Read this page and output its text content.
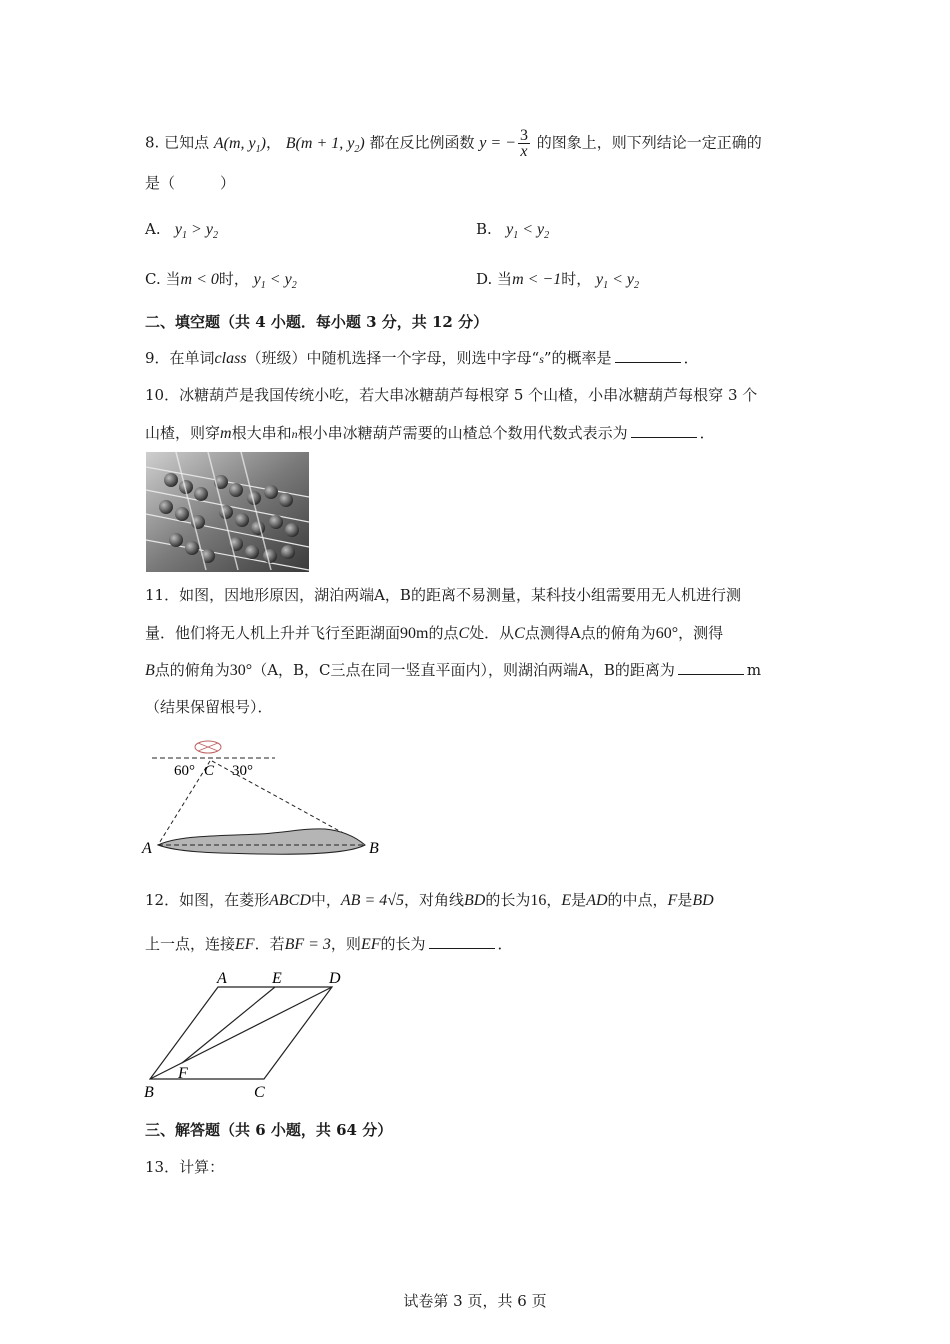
8. 已知点 A(m, $y_1$)， B(m + 1, $y_2$) 都在反比例函数 y = − $\frac{3}{x}$ 的图象上，则下列结论一定正确的
是（　　　）
A. $y_1 > y_2$	B. $y_1 < y_2$
C. 当m < 0时， $y_1 < y_2$	D. 当m < −1时， $y_1 < y_2$
二、填空题（共 4 小题．每小题 3 分，共 12 分）
9．在单词class（班级）中随机选择一个字母，则选中字母“s”的概率是	．
10．冰糖葫芦是我国传统小吃，若大串冰糖葫芦每根穿 5 个山楂，小串冰糖葫芦每根穿 3 个
山楂，则穿m根大串和n根小串冰糖葫芦需要的山楂总个数用代数式表示为	．
11．如图，因地形原因，湖泊两端A，B的距离不易测量，某科技小组需要用无人机进行测
量．他们将无人机上升并飞行至距湖面90m的点C处．从C点测得A点的俯角为60°，测得
B点的俯角为30°（A，B，C三点在同一竖直平面内），则湖泊两端A，B的距离为	m
（结果保留根号）．
60° C 30°
A	B
12．如图，在菱形ABCD中，AB = 4√5，对角线BD的长为16，E是AD的中点，F是BD
上一点，连接EF．若BF = 3，则EF的长为	．
A	E	D
F
B	C
三、解答题（共 6 小题，共 64 分）
13．计算：
试卷第 3 页，共 6 页
